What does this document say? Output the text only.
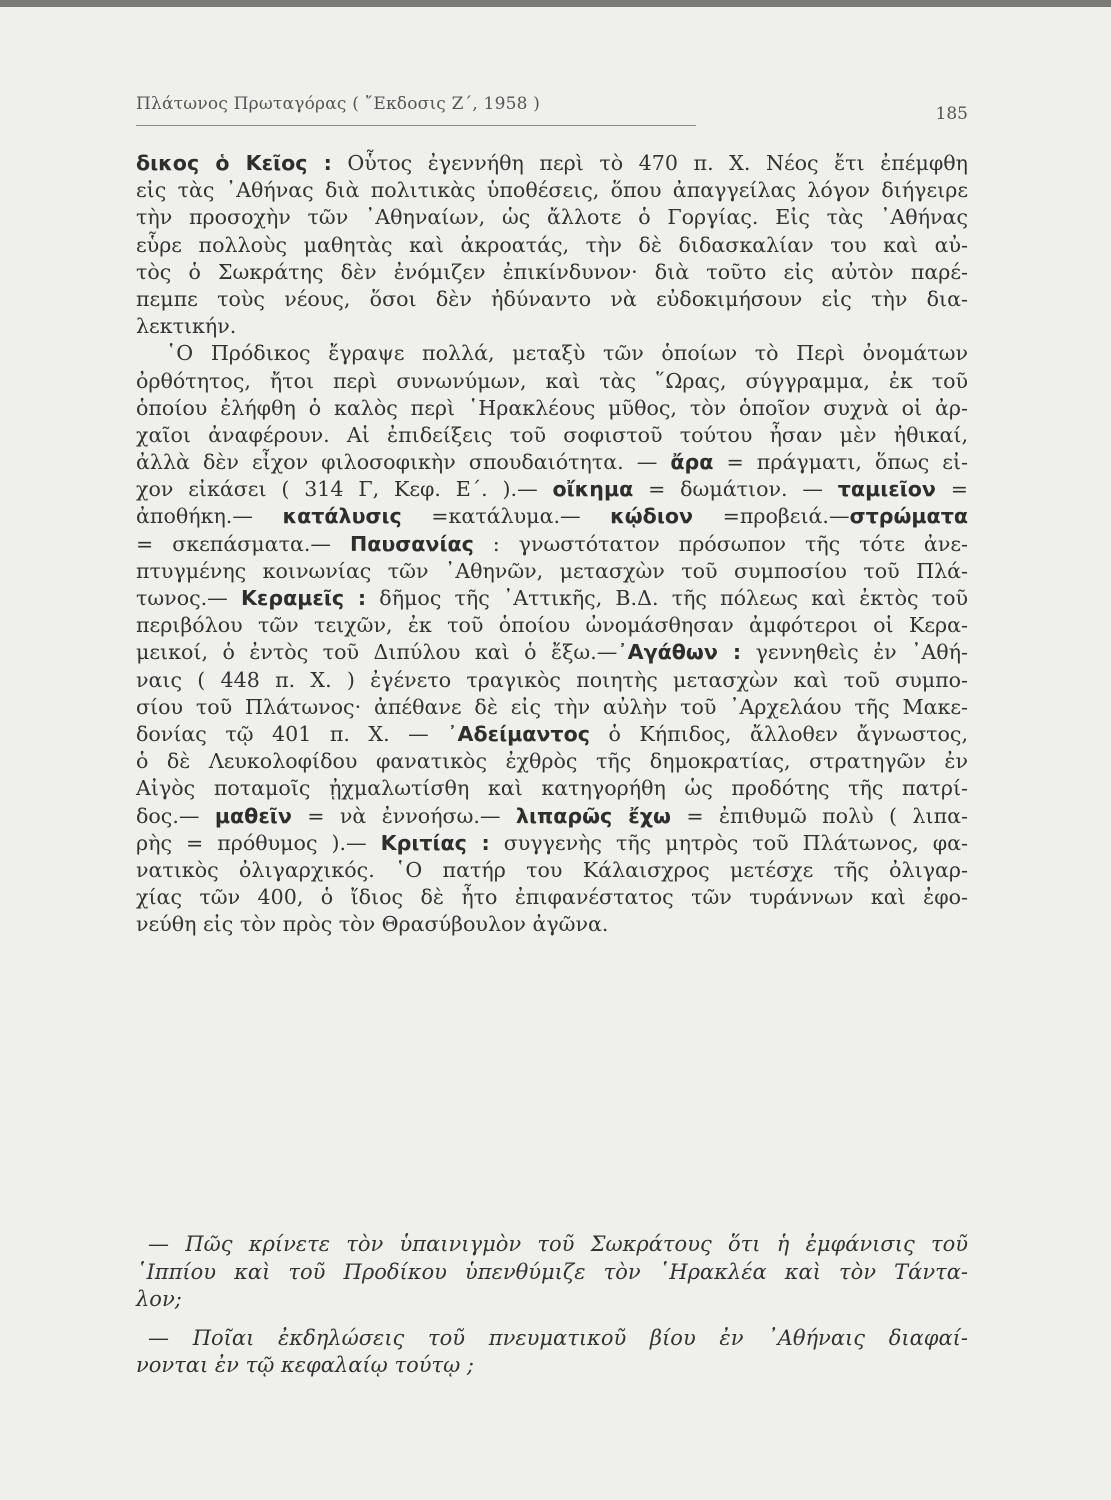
Πλάτωνος Πρωταγόρας ( ῎Εκδοσις Ζ΄, 1958 )	185
δικος ὁ Κεῖος : Οὗτος ἐγεννήθη περὶ τὸ 470 π. Χ. Νέος ἔτι ἐπέμφθη
εἰς τὰς ᾿Αθήνας διὰ πολιτικὰς ὑποθέσεις, ὅπου ἀπαγγείλας λόγον διήγειρε
τὴν προσοχὴν τῶν ᾿Αθηναίων, ὡς ἄλλοτε ὁ Γοργίας. Εἰς τὰς ᾿Αθήνας
εὗρε πολλοὺς μαθητὰς καὶ ἀκροατάς, τὴν δὲ διδασκαλίαν του καὶ αὐ-
τὸς ὁ Σωκράτης δὲν ἐνόμιζεν ἐπικίνδυνον· διὰ τοῦτο εἰς αὐτὸν παρέ-
πεμπε τοὺς νέους, ὅσοι δὲν ἠδύναντο νὰ εὐδοκιμήσουν εἰς τὴν δια-
λεκτικήν.
῾Ο Πρόδικος ἔγραψε πολλά, μεταξὺ τῶν ὁποίων τὸ Περὶ ὀνομάτων
ὀρθότητος, ἤτοι περὶ συνωνύμων, καὶ τὰς ῞Ωρας, σύγγραμμα, ἐκ τοῦ
ὁποίου ἐλήφθη ὁ καλὸς περὶ ῾Ηρακλέους μῦθος, τὸν ὁποῖον συχνὰ οἱ ἀρ-
χαῖοι ἀναφέρουν. Αἱ ἐπιδείξεις τοῦ σοφιστοῦ τούτου ἦσαν μὲν ἠθικαί,
ἀλλὰ δὲν εἶχον φιλοσοφικὴν σπουδαιότητα. — ἄρα = πράγματι, ὅπως εἰ-
χον εἰκάσει ( 314 Γ, Κεφ. Ε΄. ).— οἴκημα = δωμάτιον. — ταμιεῖον =
ἀποθήκη.— κατάλυσις =κατάλυμα.— κῴδιον =προβειά.—στρώματα
= σκεπάσματα.— Παυσανίας : γνωστότατον πρόσωπον τῆς τότε ἀνε-
πτυγμένης κοινωνίας τῶν ᾿Αθηνῶν, μετασχὼν τοῦ συμποσίου τοῦ Πλά-
τωνος.— Κεραμεῖς : δῆμος τῆς ᾿Αττικῆς, Β.Δ. τῆς πόλεως καὶ ἐκτὸς τοῦ
περιβόλου τῶν τειχῶν, ἐκ τοῦ ὁποίου ὠνομάσθησαν ἀμφότεροι οἱ Κερα-
μεικοί, ὁ ἐντὸς τοῦ Διπύλου καὶ ὁ ἔξω.—᾿Αγάθων : γεννηθεὶς ἐν ᾿Αθή-
ναις ( 448 π. Χ. ) ἐγένετο τραγικὸς ποιητὴς μετασχὼν καὶ τοῦ συμπο-
σίου τοῦ Πλάτωνος· ἀπέθανε δὲ εἰς τὴν αὐλὴν τοῦ ᾿Αρχελάου τῆς Μακε-
δονίας τῷ 401 π. Χ. — ᾿Αδείμαντος ὁ Κήπιδος, ἄλλοθεν ἄγνωστος,
ὁ δὲ Λευκολοφίδου φανατικὸς ἐχθρὸς τῆς δημοκρατίας, στρατηγῶν ἐν
Αἰγὸς ποταμοῖς ᾐχμαλωτίσθη καὶ κατηγορήθη ὡς προδότης τῆς πατρί-
δος.— μαθεῖν = νὰ ἐννοήσω.— λιπαρῶς ἔχω = ἐπιθυμῶ πολὺ ( λιπα-
ρὴς = πρόθυμος ).— Κριτίας : συγγενὴς τῆς μητρὸς τοῦ Πλάτωνος, φα-
νατικὸς ὀλιγαρχικός. ῾Ο πατήρ του Κάλαισχρος μετέσχε τῆς ὀλιγαρ-
χίας τῶν 400, ὁ ἴδιος δὲ ἦτο ἐπιφανέστατος τῶν τυράννων καὶ ἐφο-
νεύθη εἰς τὸν πρὸς τὸν Θρασύβουλον ἀγῶνα.
— Πῶς κρίνετε τὸν ὑπαινιγμὸν τοῦ Σωκράτους ὅτι ἡ ἐμφάνισις τοῦ
῾Ιππίου καὶ τοῦ Προδίκου ὑπενθύμιζε τὸν ῾Ηρακλέα καὶ τὸν Τάντα-
λον;
— Ποῖαι ἐκδηλώσεις τοῦ πνευματικοῦ βίου ἐν ᾿Αθήναις διαφαί-
νονται ἐν τῷ κεφαλαίῳ τούτῳ ;
